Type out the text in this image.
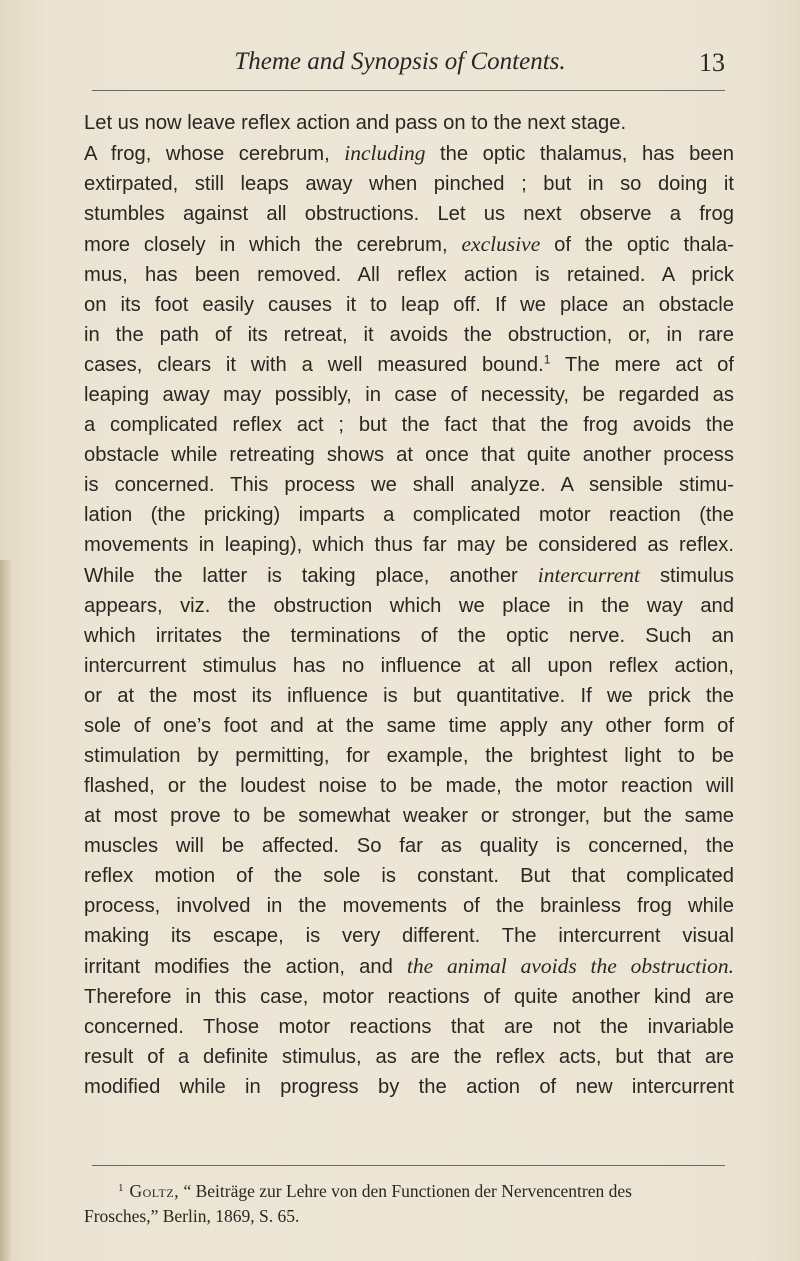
Theme and Synopsis of Contents.	13
Let us now leave reflex action and pass on to the next stage.
A frog, whose cerebrum, including the optic thalamus, has been
extirpated, still leaps away when pinched ; but in so doing it
stumbles against all obstructions. Let us next observe a frog
more closely in which the cerebrum, exclusive of the optic thala-
mus, has been removed. All reflex action is retained. A prick
on its foot easily causes it to leap off. If we place an obstacle
in the path of its retreat, it avoids the obstruction, or, in rare
cases, clears it with a well measured bound.$^1$ The mere act of
leaping away may possibly, in case of necessity, be regarded as
a complicated reflex act ; but the fact that the frog avoids the
obstacle while retreating shows at once that quite another process
is concerned. This process we shall analyze. A sensible stimu-
lation (the pricking) imparts a complicated motor reaction (the
movements in leaping), which thus far may be considered as reflex.
While the latter is taking place, another intercurrent stimulus
appears, viz. the obstruction which we place in the way and
which irritates the terminations of the optic nerve. Such an
intercurrent stimulus has no influence at all upon reflex action,
or at the most its influence is but quantitative. If we prick the
sole of one’s foot and at the same time apply any other form of
stimulation by permitting, for example, the brightest light to be
flashed, or the loudest noise to be made, the motor reaction will
at most prove to be somewhat weaker or stronger, but the same
muscles will be affected. So far as quality is concerned, the
reflex motion of the sole is constant. But that complicated
process, involved in the movements of the brainless frog while
making its escape, is very different. The intercurrent visual
irritant modifies the action, and the animal avoids the obstruction.
Therefore in this case, motor reactions of quite another kind are
concerned. Those motor reactions that are not the invariable
result of a definite stimulus, as are the reflex acts, but that are
modified while in progress by the action of new intercurrent
$^1$ Goltz, “ Beiträge zur Lehre von den Functionen der Nervencentren des
Frosches,” Berlin, 1869, S. 65.
